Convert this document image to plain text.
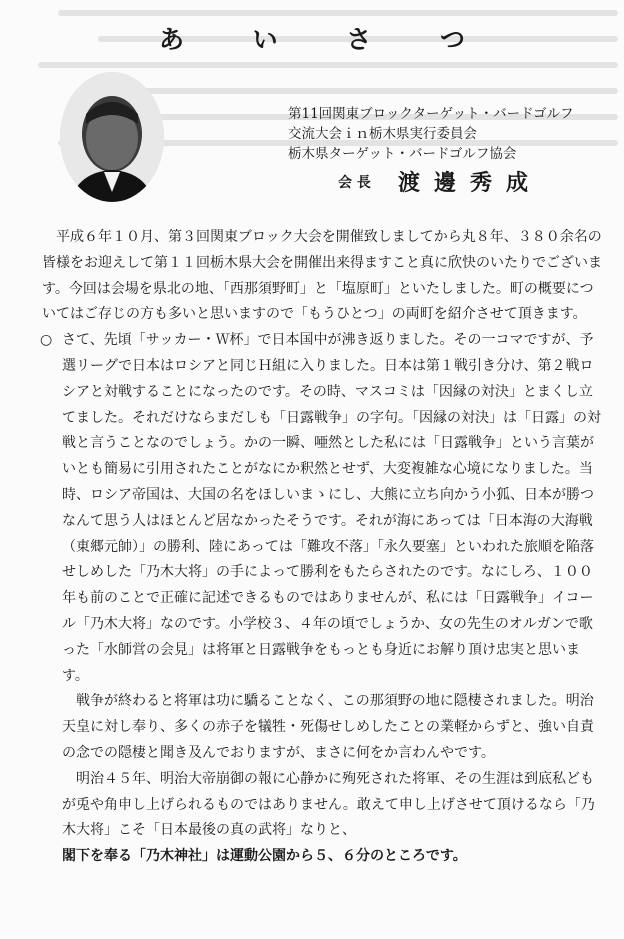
あ い さ つ
第11回関東ブロックターゲット・バードゴルフ
交流大会ｉｎ栃木県実行委員会
栃木県ターゲット・バードゴルフ協会
会 長 渡邊秀成

平成６年１０月、第３回関東ブロック大会を開催致しましてから丸８年、３８０余名の皆様をお迎えして第１１回栃木県大会を開催出来得ますこと真に欣快のいたりでございます。今回は会場を県北の地、「西那須野町」と「塩原町」といたしました。町の概要についてはご存じの方も多いと思いますので「もうひとつ」の両町を紹介させて頂きます。

○ さて、先頃「サッカー・Ｗ杯」で日本国中が沸き返りました。その一コマですが、予選リーグで日本はロシアと同じＨ組に入りました。日本は第１戦引き分け、第２戦ロシアと対戦することになったのです。その時、マスコミは「因縁の対決」とまくし立てました。それだけならまだしも「日露戦争」の字句。「因縁の対決」は「日露」の対戦と言うことなのでしょう。かの一瞬、唖然とした私には「日露戦争」という言葉がいとも簡易に引用されたことがなにか釈然とせず、大変複雑な心境になりました。当時、ロシア帝国は、大国の名をほしいまゝにし、大熊に立ち向かう小狐、日本が勝つなんて思う人はほとんど居なかったそうです。それが海にあっては「日本海の大海戦（東郷元帥）」の勝利、陸にあっては「難攻不落」「永久要塞」といわれた旅順を陥落せしめした「乃木大将」の手によって勝利をもたらされたのです。なにしろ、１００年も前のことで正確に記述できるものではありませんが、私には「日露戦争」イコール「乃木大将」なのです。小学校３、４年の頃でしょうか、女の先生のオルガンで歌った「水師営の会見」は将軍と日露戦争をもっとも身近にお解り頂け忠実と思います。

戦争が終わると将軍は功に驕ることなく、この那須野の地に隠棲されました。明治天皇に対し奉り、多くの赤子を犠牲・死傷せしめしたことの業軽からずと、強い自責の念での隠棲と聞き及んでおりますが、まさに何をか言わんやです。

明治４５年、明治大帝崩御の報に心静かに殉死された将軍、その生涯は到底私どもが兎や角申し上げられるものではありません。敢えて申し上げさせて頂けるなら「乃木大将」こそ「日本最後の真の武将」なりと、

閣下を奉る「乃木神社」は運動公園から５、６分のところです。
